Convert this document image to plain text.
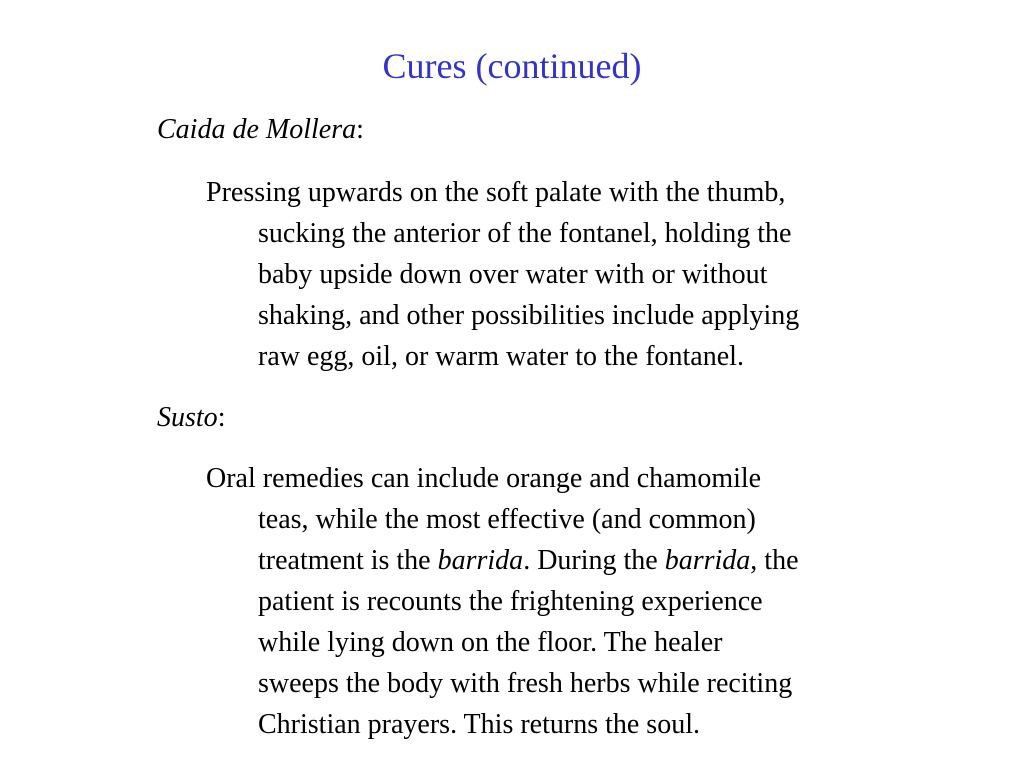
Cures (continued)

Caida de Mollera:

Pressing upwards on the soft palate with the thumb,
sucking the anterior of the fontanel, holding the
baby upside down over water with or without
shaking, and other possibilities include applying
raw egg, oil, or warm water to the fontanel.

Susto:

Oral remedies can include orange and chamomile
teas, while the most effective (and common)
treatment is the barrida. During the barrida, the
patient is recounts the frightening experience
while lying down on the floor. The healer
sweeps the body with fresh herbs while reciting
Christian prayers. This returns the soul.
